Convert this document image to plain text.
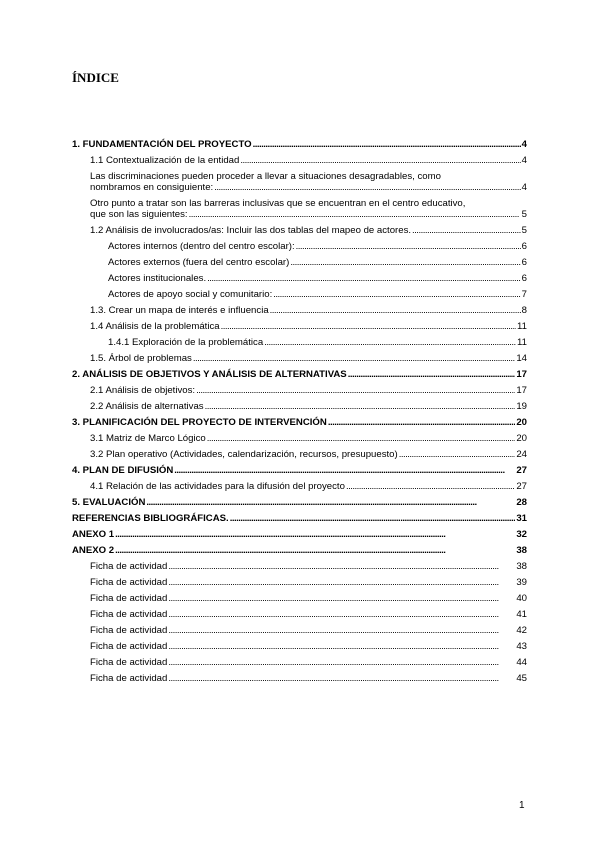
ÍNDICE
1. FUNDAMENTACIÓN DEL PROYECTO . . .	4
1.1 Contextualización de la entidad . . .	4
Las discriminaciones pueden proceder a llevar a situaciones desagradables, como
nombramos en consiguiente: . . .	4
Otro punto a tratar son las barreras inclusivas que se encuentran en el centro educativo,
que son las siguientes: . . .	5
1.2 Análisis de involucrados/as: Incluir las dos tablas del mapeo de actores. . . .	5
Actores internos (dentro del centro escolar): . . .	6
Actores externos (fuera del centro escolar) . . .	6
Actores institucionales. . . .	6
Actores de apoyo social y comunitario: . . .	7
1.3. Crear un mapa de interés e influencia . . .	8
1.4 Análisis de la problemática . . .	11
1.4.1 Exploración de la problemática . . .	11
1.5. Árbol de problemas . . .	14
2. ANÁLISIS DE OBJETIVOS Y ANÁLISIS DE ALTERNATIVAS . . .	17
2.1 Análisis de objetivos: . . .	17
2.2 Análisis de alternativas . . .	19
3. PLANIFICACIÓN DEL PROYECTO DE INTERVENCIÓN . . .	20
3.1 Matriz de Marco Lógico . . .	20
3.2 Plan operativo (Actividades, calendarización, recursos, presupuesto) . . .	24
4. PLAN DE DIFUSIÓN . . .	27
4.1 Relación de las actividades para la difusión del proyecto . . .	27
5. EVALUACIÓN . . .	28
REFERENCIAS BIBLIOGRÁFICAS. . . .	31
ANEXO 1 . . .	32
ANEXO 2 . . .	38
Ficha de actividad . . .	38
Ficha de actividad . . .	39
Ficha de actividad . . .	40
Ficha de actividad . . .	41
Ficha de actividad . . .	42
Ficha de actividad . . .	43
Ficha de actividad . . .	44
Ficha de actividad . . .	45
1
